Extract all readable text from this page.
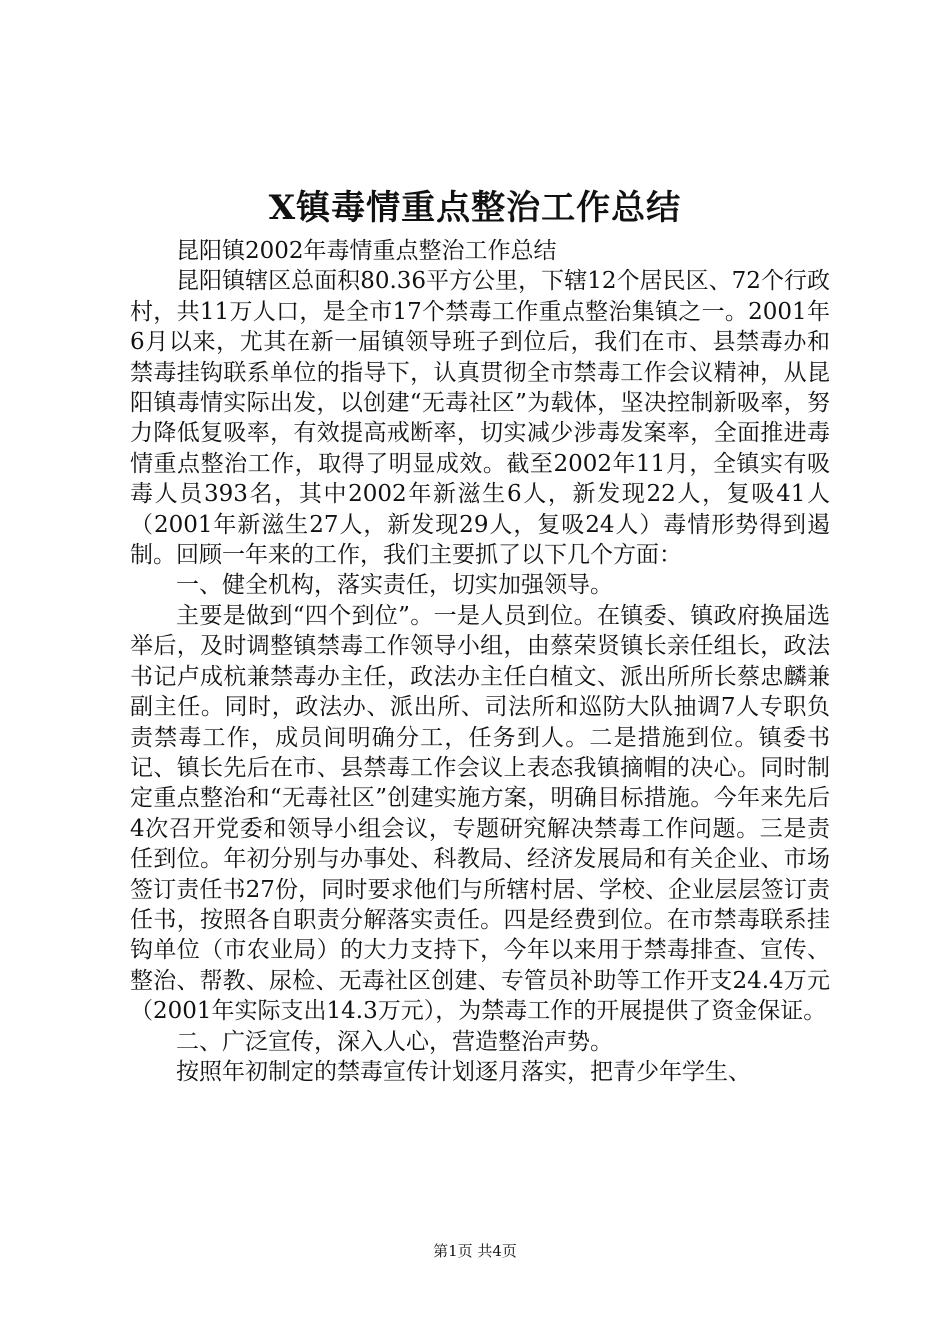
X镇毒情重点整治工作总结

昆阳镇2002年毒情重点整治工作总结

昆阳镇辖区总面积80.36平方公里，下辖12个居民区、72个行政村，共11万人口，是全市17个禁毒工作重点整治集镇之一。2001年6月以来，尤其在新一届镇领导班子到位后，我们在市、县禁毒办和禁毒挂钩联系单位的指导下，认真贯彻全市禁毒工作会议精神，从昆阳镇毒情实际出发，以创建“无毒社区”为载体，坚决控制新吸率，努力降低复吸率，有效提高戒断率，切实减少涉毒发案率，全面推进毒情重点整治工作，取得了明显成效。截至2002年11月，全镇实有吸毒人员393名，其中2002年新滋生6人，新发现22人，复吸41人（2001年新滋生27人，新发现29人，复吸24人）毒情形势得到遏制。回顾一年来的工作，我们主要抓了以下几个方面：

一、健全机构，落实责任，切实加强领导。

主要是做到“四个到位”。一是人员到位。在镇委、镇政府换届选举后，及时调整镇禁毒工作领导小组，由蔡荣贤镇长亲任组长，政法书记卢成杭兼禁毒办主任，政法办主任白植文、派出所所长蔡忠麟兼副主任。同时，政法办、派出所、司法所和巡防大队抽调7人专职负责禁毒工作，成员间明确分工，任务到人。二是措施到位。镇委书记、镇长先后在市、县禁毒工作会议上表态我镇摘帽的决心。同时制定重点整治和“无毒社区”创建实施方案，明确目标措施。今年来先后4次召开党委和领导小组会议，专题研究解决禁毒工作问题。三是责任到位。年初分别与办事处、科教局、经济发展局和有关企业、市场签订责任书27份，同时要求他们与所辖村居、学校、企业层层签订责任书，按照各自职责分解落实责任。四是经费到位。在市禁毒联系挂钩单位（市农业局）的大力支持下，今年以来用于禁毒排查、宣传、整治、帮教、尿检、无毒社区创建、专管员补助等工作开支24.4万元（2001年实际支出14.3万元），为禁毒工作的开展提供了资金保证。

二、广泛宣传，深入人心，营造整治声势。

按照年初制定的禁毒宣传计划逐月落实，把青少年学生、

第1页 共4页
